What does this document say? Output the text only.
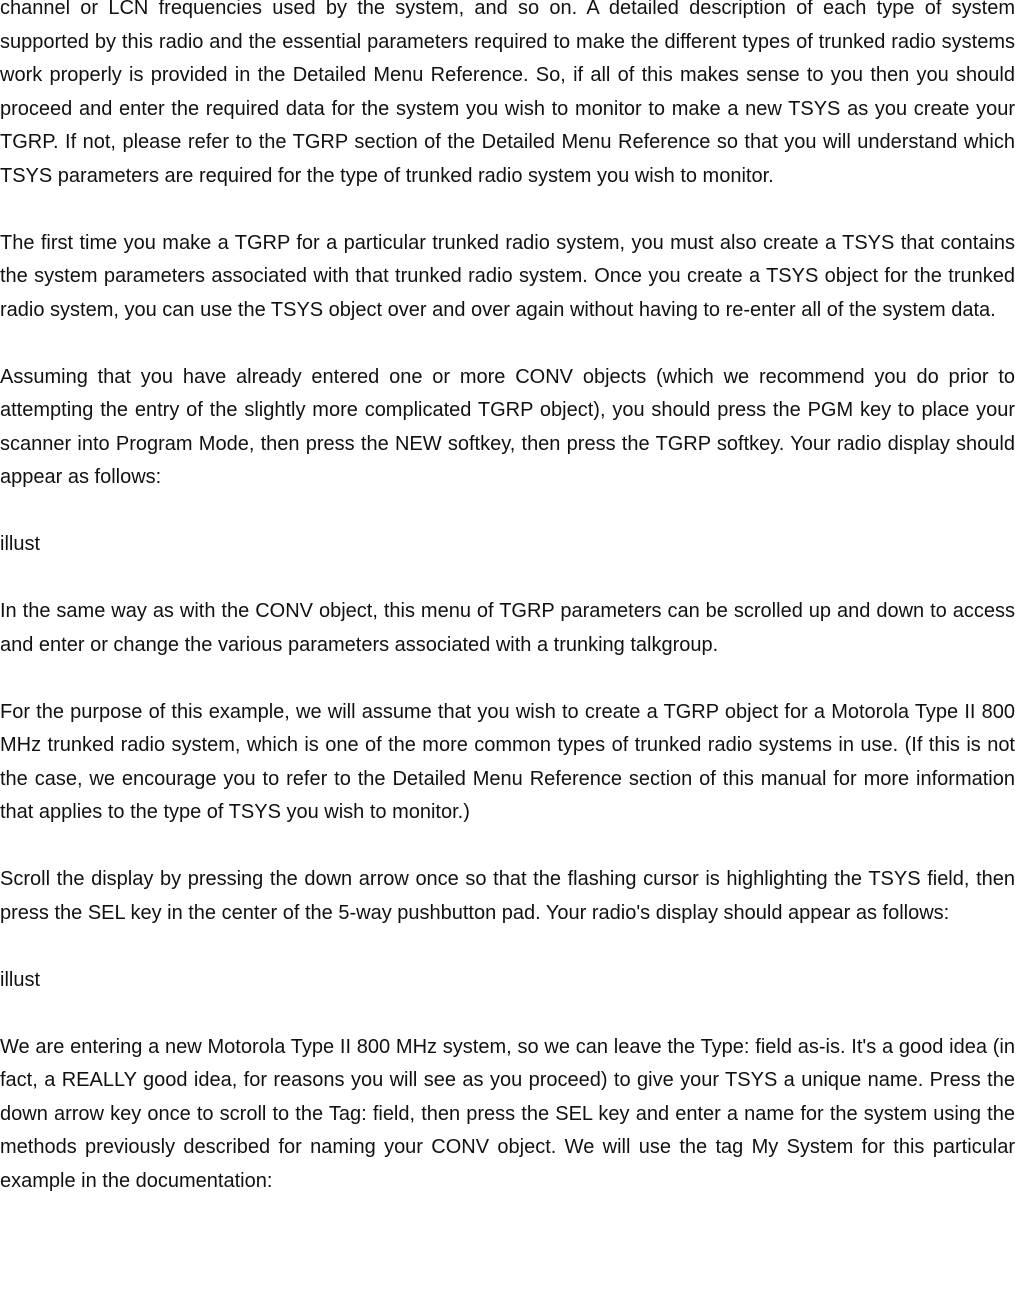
channel or LCN frequencies used by the system, and so on. A detailed description of each type of system supported by this radio and the essential parameters required to make the different types of trunked radio systems work properly is provided in the Detailed Menu Reference. So, if all of this makes sense to you then you should proceed and enter the required data for the system you wish to monitor to make a new TSYS as you create your TGRP. If not, please refer to the TGRP section of the Detailed Menu Reference so that you will understand which TSYS parameters are required for the type of trunked radio system you wish to monitor.

The first time you make a TGRP for a particular trunked radio system, you must also create a TSYS that contains the system parameters associated with that trunked radio system. Once you create a TSYS object for the trunked radio system, you can use the TSYS object over and over again without having to re-enter all of the system data.

Assuming that you have already entered one or more CONV objects (which we recommend you do prior to attempting the entry of the slightly more complicated TGRP object), you should press the PGM key to place your scanner into Program Mode, then press the NEW softkey, then press the TGRP softkey. Your radio display should appear as follows:

illust

In the same way as with the CONV object, this menu of TGRP parameters can be scrolled up and down to access and enter or change the various parameters associated with a trunking talkgroup.

For the purpose of this example, we will assume that you wish to create a TGRP object for a Motorola Type II 800 MHz trunked radio system, which is one of the more common types of trunked radio systems in use. (If this is not the case, we encourage you to refer to the Detailed Menu Reference section of this manual for more information that applies to the type of TSYS you wish to monitor.)

Scroll the display by pressing the down arrow once so that the flashing cursor is highlighting the TSYS field, then press the SEL key in the center of the 5-way pushbutton pad. Your radio's display should appear as follows:

illust

We are entering a new Motorola Type II 800 MHz system, so we can leave the Type: field as-is. It's a good idea (in fact, a REALLY good idea, for reasons you will see as you proceed) to give your TSYS a unique name. Press the down arrow key once to scroll to the Tag: field, then press the SEL key and enter a name for the system using the methods previously described for naming your CONV object. We will use the tag My System for this particular example in the documentation:
